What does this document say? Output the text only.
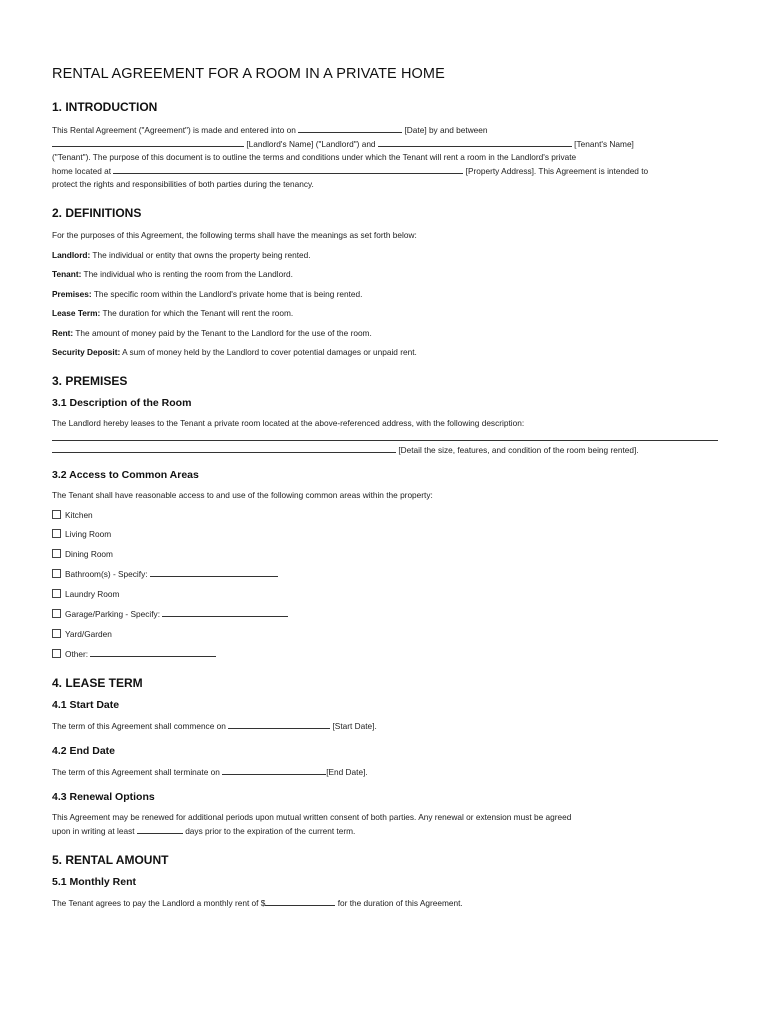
RENTAL AGREEMENT FOR A ROOM IN A PRIVATE HOME
1. INTRODUCTION
This Rental Agreement ("Agreement") is made and entered into on	[Date] by and between
[Landlord's Name] ("Landlord") and	[Tenant's Name]
("Tenant"). The purpose of this document is to outline the terms and conditions under which the Tenant will rent a room in the Landlord's private
home located at	[Property Address]. This Agreement is intended to
protect the rights and responsibilities of both parties during the tenancy.
2. DEFINITIONS
For the purposes of this Agreement, the following terms shall have the meanings as set forth below:
Landlord: The individual or entity that owns the property being rented.
Tenant: The individual who is renting the room from the Landlord.
Premises: The specific room within the Landlord's private home that is being rented.
Lease Term: The duration for which the Tenant will rent the room.
Rent: The amount of money paid by the Tenant to the Landlord for the use of the room.
Security Deposit: A sum of money held by the Landlord to cover potential damages or unpaid rent.
3. PREMISES
3.1 Description of the Room
The Landlord hereby leases to the Tenant a private room located at the above-referenced address, with the following description:
[Detail the size, features, and condition of the room being rented].
3.2 Access to Common Areas
The Tenant shall have reasonable access to and use of the following common areas within the property:
Kitchen
Living Room
Dining Room
Bathroom(s) - Specify:
Laundry Room
Garage/Parking - Specify:
Yard/Garden
Other:
4. LEASE TERM
4.1 Start Date
The term of this Agreement shall commence on	[Start Date].
4.2 End Date
The term of this Agreement shall terminate on	[End Date].
4.3 Renewal Options
This Agreement may be renewed for additional periods upon mutual written consent of both parties. Any renewal or extension must be agreed
upon in writing at least	days prior to the expiration of the current term.
5. RENTAL AMOUNT
5.1 Monthly Rent
The Tenant agrees to pay the Landlord a monthly rent of $	for the duration of this Agreement.
